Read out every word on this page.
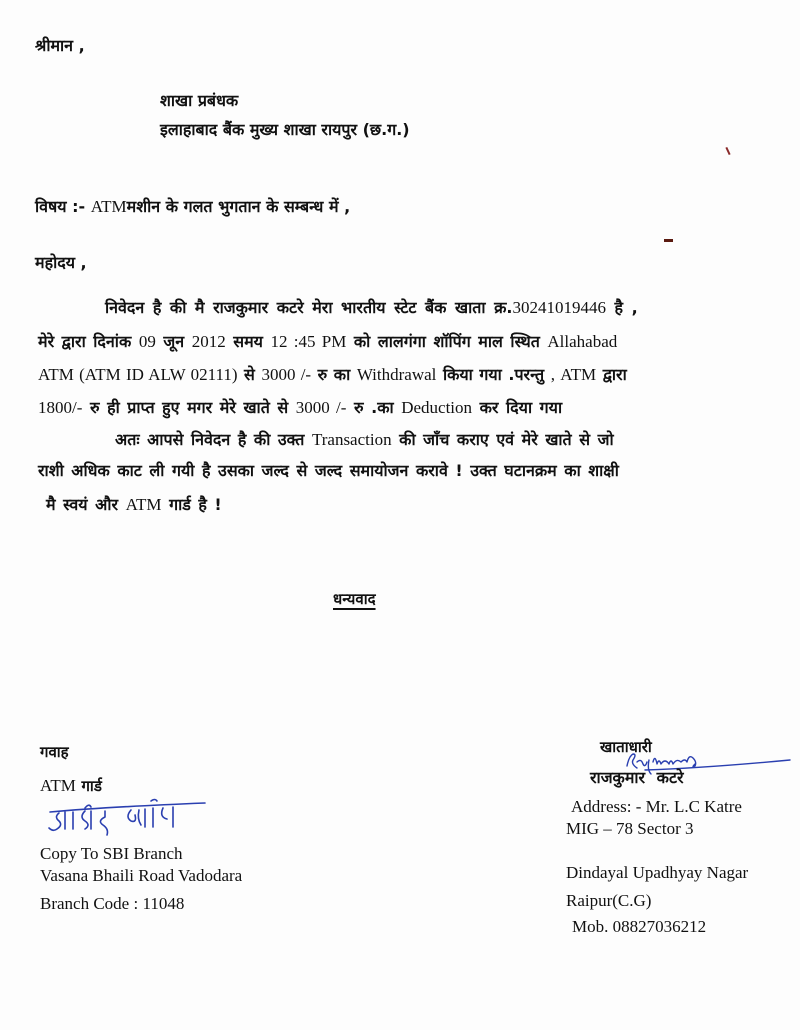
श्रीमान ,
शाखा प्रबंधक
इलाहाबाद बैंक मुख्य शाखा रायपुर (छ.ग.)
विषय :- ATMमशीन के गलत भुगतान के सम्बन्ध में ,
महोदय ,
निवेदन है की मै राजकुमार कटरे मेरा भारतीय स्टेट बैंक खाता क्र.30241019446 है ,
मेरे द्वारा दिनांक 09 जून 2012 समय 12 :45 PM को लालगंगा शॉपिंग माल स्थित Allahabad
ATM (ATM ID ALW 02111) से 3000 /- रु का Withdrawal किया गया .परन्तु , ATM द्वारा
1800/- रु ही प्राप्त हुए मगर मेरे खाते से 3000 /- रु .का Deduction कर दिया गया
अतः आपसे निवेदन है की उक्त Transaction की जाँच कराए एवं मेरे खाते से जो
राशी अधिक काट ली गयी है उसका जल्द से जल्द समायोजन करावे ! उक्त घटानक्रम का शाक्षी
मै स्वयं और ATM गार्ड है !
धन्यवाद
गवाह
ATM गार्ड
Copy To SBI Branch
Vasana Bhaili Road Vadodara
Branch Code : 11048
खाताधारी
राजकुमार कटरे
Address: - Mr. L.C Katre
MIG – 78 Sector 3
Dindayal Upadhyay Nagar
Raipur(C.G)
Mob. 08827036212
